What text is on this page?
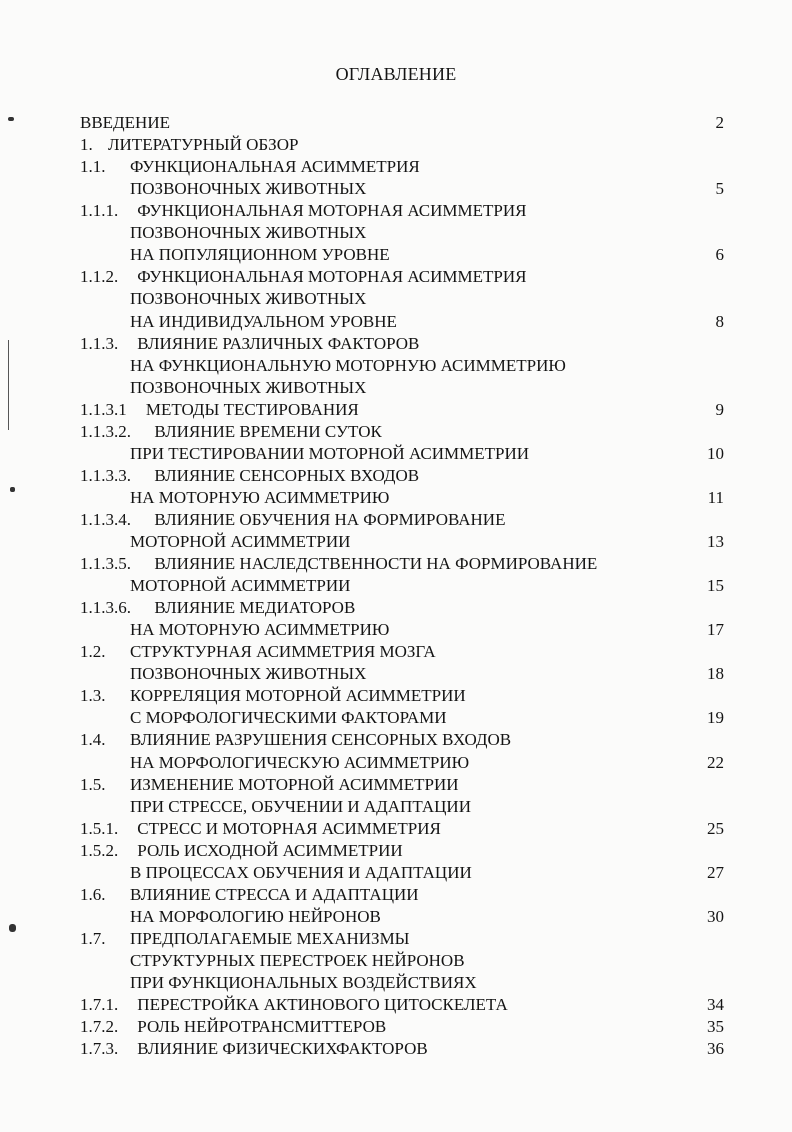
ОГЛАВЛЕНИЕ
ВВЕДЕНИЕ	2
1. ЛИТЕРАТУРНЫЙ ОБЗОР
1.1. ФУНКЦИОНАЛЬНАЯ АСИММЕТРИЯ
ПОЗВОНОЧНЫХ ЖИВОТНЫХ	5
1.1.1. ФУНКЦИОНАЛЬНАЯ МОТОРНАЯ АСИММЕТРИЯ
ПОЗВОНОЧНЫХ ЖИВОТНЫХ
НА ПОПУЛЯЦИОННОМ УРОВНЕ	6
1.1.2. ФУНКЦИОНАЛЬНАЯ МОТОРНАЯ АСИММЕТРИЯ
ПОЗВОНОЧНЫХ ЖИВОТНЫХ
НА ИНДИВИДУАЛЬНОМ УРОВНЕ	8
1.1.3. ВЛИЯНИЕ РАЗЛИЧНЫХ ФАКТОРОВ
НА ФУНКЦИОНАЛЬНУЮ МОТОРНУЮ АСИММЕТРИЮ
ПОЗВОНОЧНЫХ ЖИВОТНЫХ
1.1.3.1 МЕТОДЫ ТЕСТИРОВАНИЯ	9
1.1.3.2. ВЛИЯНИЕ ВРЕМЕНИ СУТОК
ПРИ ТЕСТИРОВАНИИ МОТОРНОЙ АСИММЕТРИИ	10
1.1.3.3. ВЛИЯНИЕ СЕНСОРНЫХ ВХОДОВ
НА МОТОРНУЮ АСИММЕТРИЮ	11
1.1.3.4. ВЛИЯНИЕ ОБУЧЕНИЯ НА ФОРМИРОВАНИЕ
МОТОРНОЙ АСИММЕТРИИ	13
1.1.3.5. ВЛИЯНИЕ НАСЛЕДСТВЕННОСТИ НА ФОРМИРОВАНИЕ
МОТОРНОЙ АСИММЕТРИИ	15
1.1.3.6. ВЛИЯНИЕ МЕДИАТОРОВ
НА МОТОРНУЮ АСИММЕТРИЮ	17
1.2. СТРУКТУРНАЯ АСИММЕТРИЯ МОЗГА
ПОЗВОНОЧНЫХ ЖИВОТНЫХ	18
1.3. КОРРЕЛЯЦИЯ МОТОРНОЙ АСИММЕТРИИ
С МОРФОЛОГИЧЕСКИМИ ФАКТОРАМИ	19
1.4. ВЛИЯНИЕ РАЗРУШЕНИЯ СЕНСОРНЫХ ВХОДОВ
НА МОРФОЛОГИЧЕСКУЮ АСИММЕТРИЮ	22
1.5. ИЗМЕНЕНИЕ МОТОРНОЙ АСИММЕТРИИ
ПРИ СТРЕССЕ, ОБУЧЕНИИ И АДАПТАЦИИ
1.5.1. СТРЕСС И МОТОРНАЯ АСИММЕТРИЯ	25
1.5.2. РОЛЬ ИСХОДНОЙ АСИММЕТРИИ
В ПРОЦЕССАХ ОБУЧЕНИЯ И АДАПТАЦИИ	27
1.6. ВЛИЯНИЕ СТРЕССА И АДАПТАЦИИ
НА МОРФОЛОГИЮ НЕЙРОНОВ	30
1.7. ПРЕДПОЛАГАЕМЫЕ МЕХАНИЗМЫ
СТРУКТУРНЫХ ПЕРЕСТРОЕК НЕЙРОНОВ
ПРИ ФУНКЦИОНАЛЬНЫХ ВОЗДЕЙСТВИЯХ
1.7.1. ПЕРЕСТРОЙКА АКТИНОВОГО ЦИТОСКЕЛЕТА	34
1.7.2. РОЛЬ НЕЙРОТРАНСМИТТЕРОВ	35
1.7.3. ВЛИЯНИЕ ФИЗИЧЕСКИХФАКТОРОВ	36
